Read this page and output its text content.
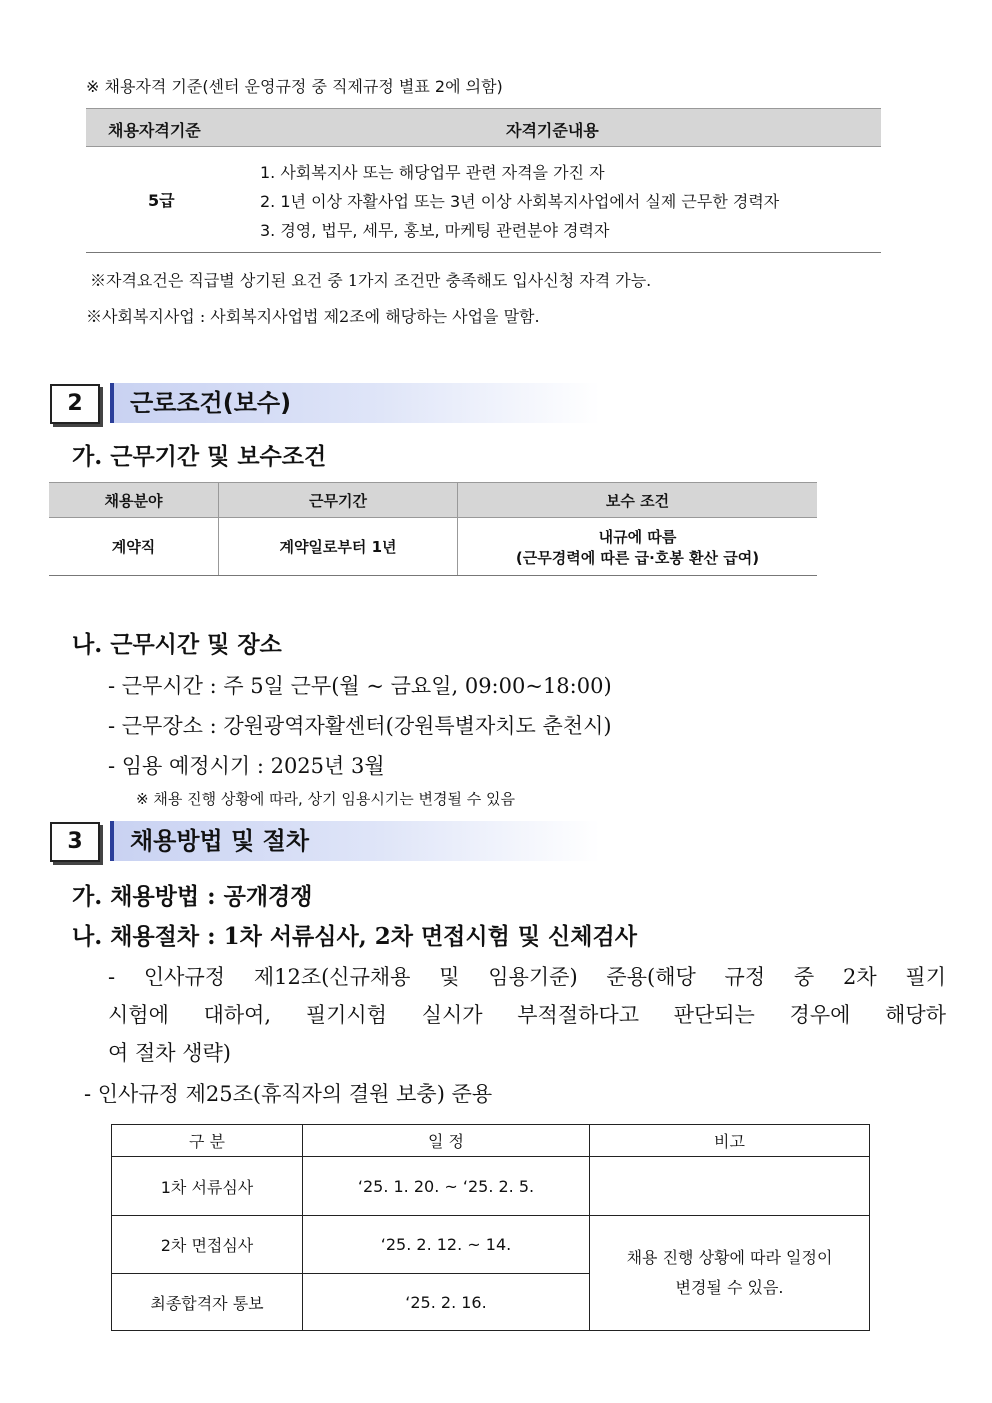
※ 채용자격 기준(센터 운영규정 중 직제규정 별표 2에 의함)
채용자격기준	자격기준내용
5급
1. 사회복지사 또는 해당업무 관련 자격을 가진 자
2. 1년 이상 자활사업 또는 3년 이상 사회복지사업에서 실제 근무한 경력자
3. 경영, 법무, 세무, 홍보, 마케팅 관련분야 경력자
※자격요건은 직급별 상기된 요건 중 1가지 조건만 충족해도 입사신청 자격 가능.
※사회복지사업 : 사회복지사업법 제2조에 해당하는 사업을 말함.
2	근로조건(보수)
가. 근무기간 및 보수조건
채용분야	근무기간	보수 조건
계약직	계약일로부터 1년	내규에 따름
(근무경력에 따른 급·호봉 환산 급여)
나. 근무시간 및 장소
- 근무시간 : 주 5일 근무(월 ~ 금요일, 09:00~18:00)
- 근무장소 : 강원광역자활센터(강원특별자치도 춘천시)
- 임용 예정시기 : 2025년 3월
※ 채용 진행 상황에 따라, 상기 임용시기는 변경될 수 있음
3	채용방법 및 절차
가. 채용방법 : 공개경쟁
나. 채용절차 : 1차 서류심사, 2차 면접시험 및 신체검사
- 인사규정 제12조(신규채용 및 임용기준) 준용(해당 규정 중 2차 필기
시험에 대하여, 필기시험 실시가 부적절하다고 판단되는 경우에 해당하
여 절차 생략)
- 인사규정 제25조(휴직자의 결원 보충) 준용
구 분	일 정	비고
1차 서류심사	‘25. 1. 20. ~ ‘25. 2. 5.	
2차 면접심사	‘25. 2. 12. ~ 14.	채용 진행 상황에 따라 일정이
변경될 수 있음.

최종합격자 통보	‘25. 2. 16.	
